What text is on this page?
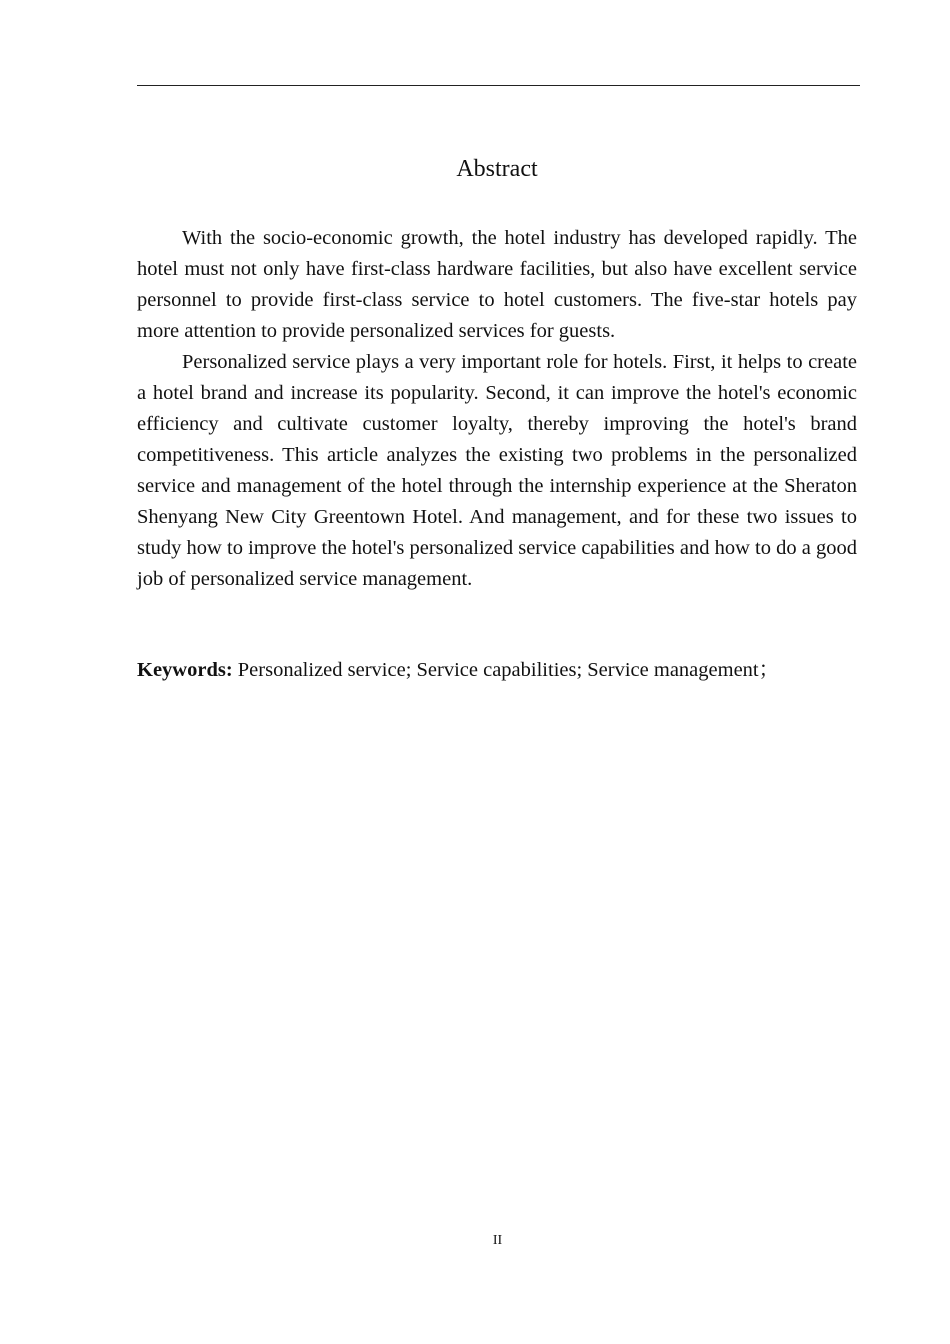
Abstract

With the socio-economic growth, the hotel industry has developed rapidly. The hotel must not only have first-class hardware facilities, but also have excellent service personnel to provide first-class service to hotel customers. The five-star hotels pay more attention to provide personalized services for guests.

Personalized service plays a very important role for hotels. First, it helps to create a hotel brand and increase its popularity. Second, it can improve the hotel's economic efficiency and cultivate customer loyalty, thereby improving the hotel's brand competitiveness. This article analyzes the existing two problems in the personalized service and management of the hotel through the internship experience at the Sheraton Shenyang New City Greentown Hotel. And management, and for these two issues to study how to improve the hotel's personalized service capabilities and how to do a good job of personalized service management.

Keywords: Personalized service; Service capabilities; Service management；

II
